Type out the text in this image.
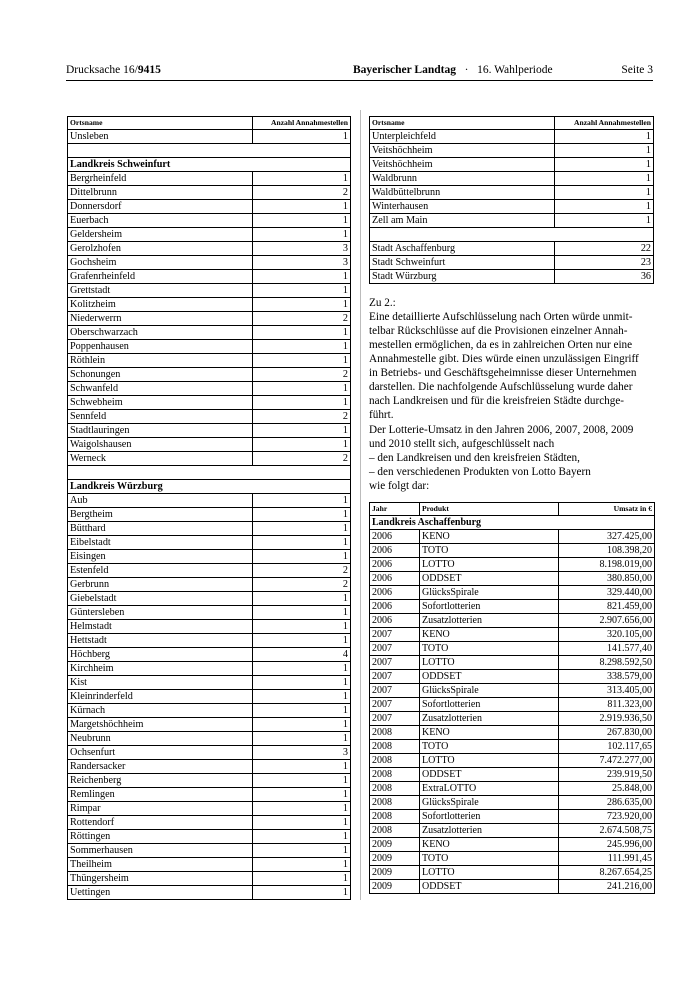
Drucksache 16/9415	Bayerischer Landtag · 16. Wahlperiode	Seite 3
Ortsname	Anzahl Annahmestellen
Unsleben	1

Landkreis Schweinfurt	
Bergrheinfeld	1
Dittelbrunn	2
Donnersdorf	1
Euerbach	1
Geldersheim	1
Gerolzhofen	3
Gochsheim	3
Grafenrheinfeld	1
Grettstadt	1
Kolitzheim	1
Niederwerrn	2
Oberschwarzach	1
Poppenhausen	1
Röthlein	1
Schonungen	2
Schwanfeld	1
Schwebheim	1
Sennfeld	2
Stadtlauringen	1
Waigolshausen	1
Werneck	2

Landkreis Würzburg	
Aub	1
Bergtheim	1
Bütthard	1
Eibelstadt	1
Eisingen	1
Estenfeld	2
Gerbrunn	2
Giebelstadt	1
Güntersleben	1
Helmstadt	1
Hettstadt	1
Höchberg	4
Kirchheim	1
Kist	1
Kleinrinderfeld	1
Kürnach	1
Margetshöchheim	1
Neubrunn	1
Ochsenfurt	3
Randersacker	1
Reichenberg	1
Remlingen	1
Rimpar	1
Rottendorf	1
Röttingen	1
Sommerhausen	1
Theilheim	1
Thüngersheim	1
Uettingen	1
Ortsname	Anzahl Annahmestellen
Unterpleichfeld	1
Veitshöchheim	1
Veitshöchheim	1
Waldbrunn	1
Waldbüttelbrunn	1
Winterhausen	1
Zell am Main	1

Stadt Aschaffenburg	22
Stadt Schweinfurt	23
Stadt Würzburg	36
Zu 2.:
Eine detaillierte Aufschlüsselung nach Orten würde unmit-
telbar Rückschlüsse auf die Provisionen einzelner Annah-
mestellen ermöglichen, da es in zahlreichen Orten nur eine
Annahmestelle gibt. Dies würde einen unzulässigen Eingriff
in Betriebs- und Geschäftsgeheimnisse dieser Unternehmen
darstellen. Die nachfolgende Aufschlüsselung wurde daher
nach Landkreisen und für die kreisfreien Städte durchge-
führt.
Der Lotterie-Umsatz in den Jahren 2006, 2007, 2008, 2009
und 2010 stellt sich, aufgeschlüsselt nach
– den Landkreisen und den kreisfreien Städten,
– den verschiedenen Produkten von Lotto Bayern
wie folgt dar:
Jahr	Produkt	Umsatz in €
Landkreis Aschaffenburg		
2006	KENO	327.425,00
2006	TOTO	108.398,20
2006	LOTTO	8.198.019,00
2006	ODDSET	380.850,00
2006	GlücksSpirale	329.440,00
2006	Sofortlotterien	821.459,00
2006	Zusatzlotterien	2.907.656,00
2007	KENO	320.105,00
2007	TOTO	141.577,40
2007	LOTTO	8.298.592,50
2007	ODDSET	338.579,00
2007	GlücksSpirale	313.405,00
2007	Sofortlotterien	811.323,00
2007	Zusatzlotterien	2.919.936,50
2008	KENO	267.830,00
2008	TOTO	102.117,65
2008	LOTTO	7.472.277,00
2008	ODDSET	239.919,50
2008	ExtraLOTTO	25.848,00
2008	GlücksSpirale	286.635,00
2008	Sofortlotterien	723.920,00
2008	Zusatzlotterien	2.674.508,75
2009	KENO	245.996,00
2009	TOTO	111.991,45
2009	LOTTO	8.267.654,25
2009	ODDSET	241.216,00
